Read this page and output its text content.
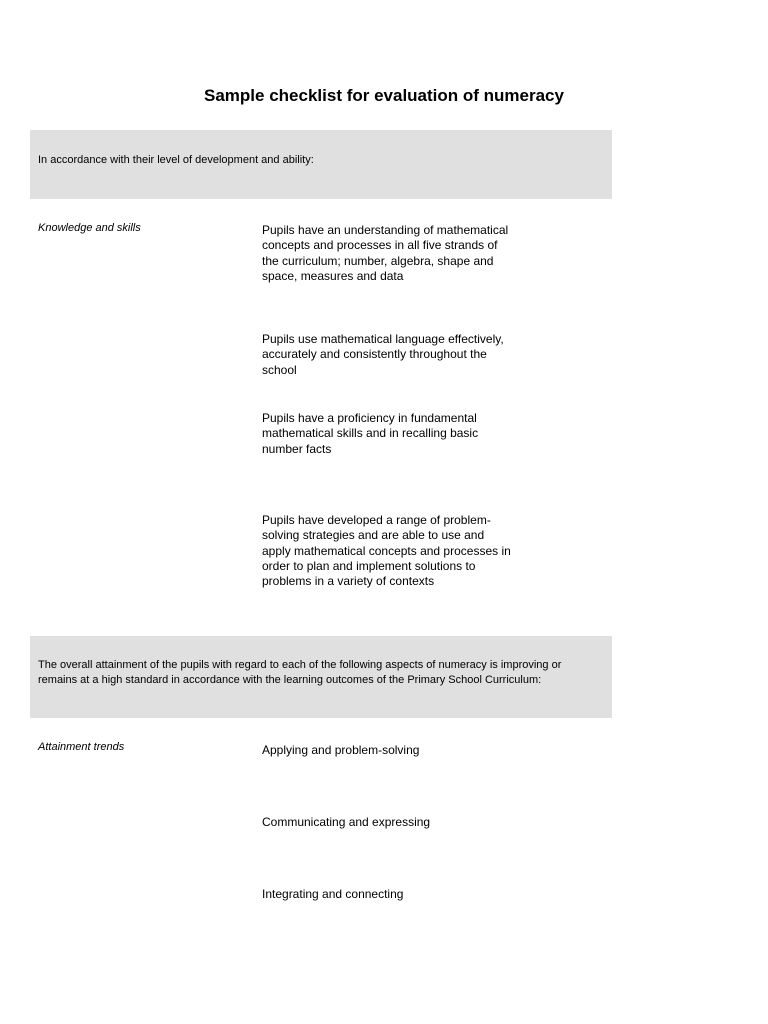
Sample checklist for evaluation of numeracy
In accordance with their level of development and ability:
Knowledge and skills	Pupils have an understanding of mathematical concepts and processes in all five strands of the curriculum; number, algebra, shape and space, measures and data
Pupils use mathematical language effectively, accurately and consistently throughout the school
Pupils have a proficiency in fundamental mathematical skills and in recalling basic number facts
Pupils have developed a range of problem-solving strategies and are able to use and apply mathematical concepts and processes in order to plan and implement solutions to problems in a variety of contexts
The overall attainment of the pupils with regard to each of the following aspects of numeracy is improving or remains at a high standard in accordance with the learning outcomes of the Primary School Curriculum:
Attainment trends	Applying and problem-solving
Communicating and expressing
Integrating and connecting
